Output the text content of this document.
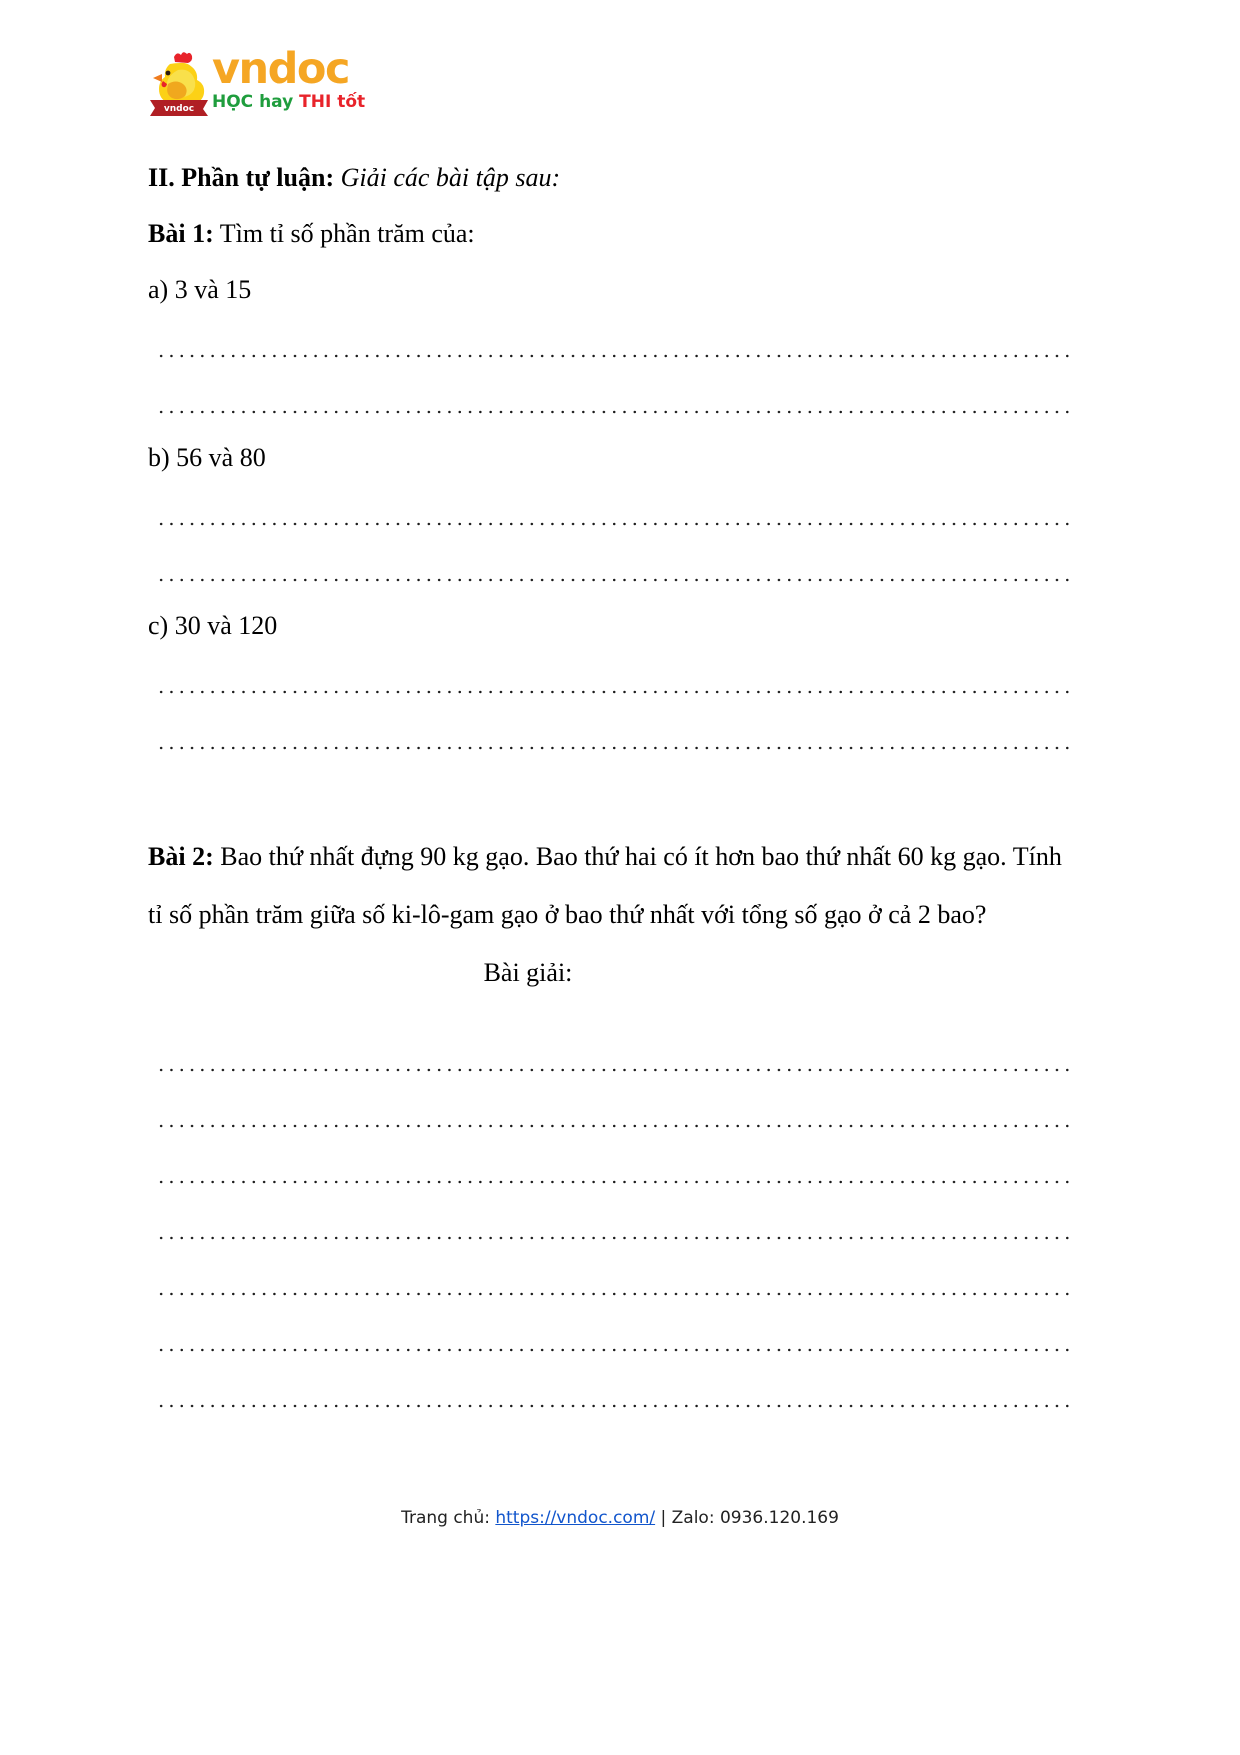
vndoc
vndoc
HỌC hay THI tốt

II. Phần tự luận: Giải các bài tập sau:

Bài 1: Tìm tỉ số phần trăm của:

a) 3 và 15

b) 56 và 80

c) 30 và 120

Bài 2: Bao thứ nhất đựng 90 kg gạo. Bao thứ hai có ít hơn bao thứ nhất 60 kg gạo. Tính tỉ số phần trăm giữa số ki-lô-gam gạo ở bao thứ nhất với tổng số gạo ở cả 2 bao?

Bài giải:

Trang chủ: https://vndoc.com/ | Zalo: 0936.120.169
